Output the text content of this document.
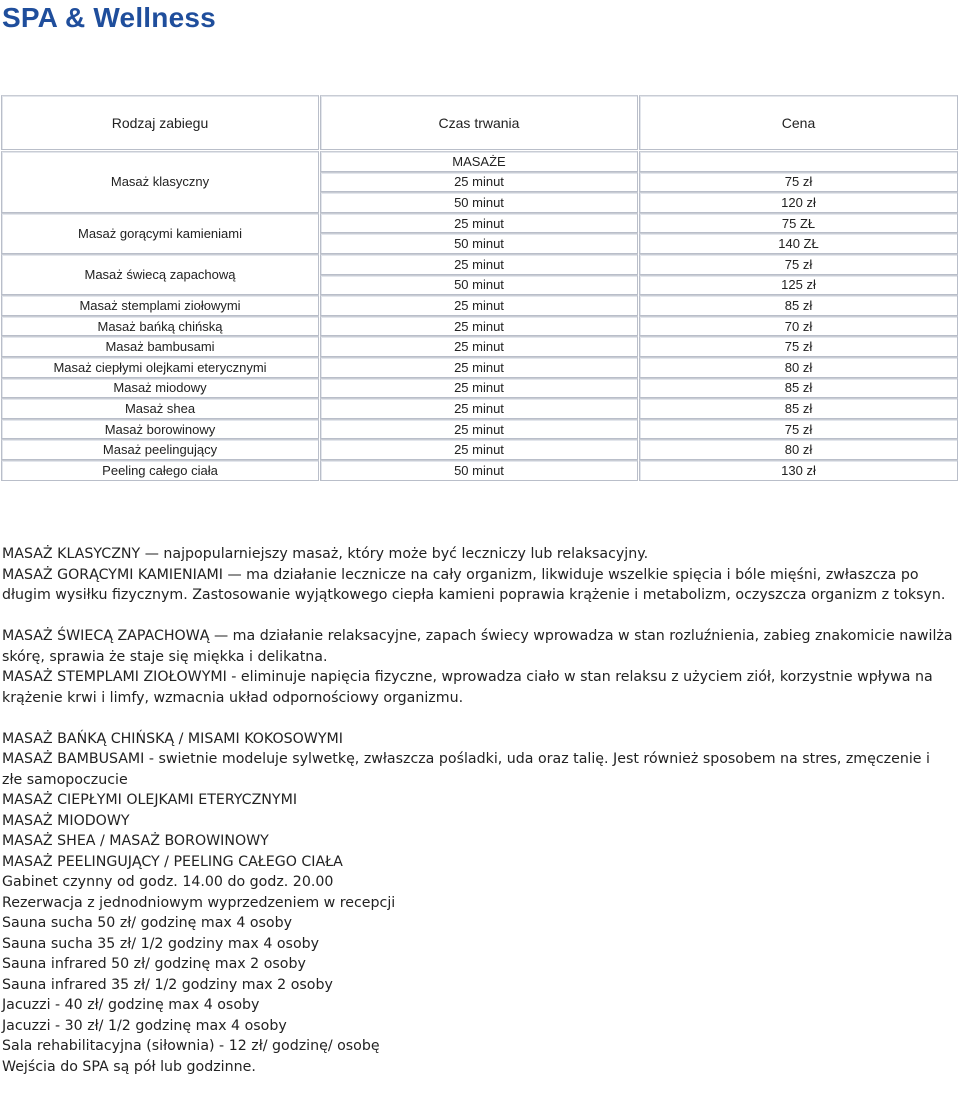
SPA & Wellness
Rodzaj zabiegu	Czas trwania	Cena
MASAŻE
Masaż klasyczny	25 minut	75 zł
50 minut	120 zł
Masaż gorącymi kamieniami
25 minut	75 ZŁ
50 minut	140 ZŁ
Masaż świecą zapachową
25 minut	75 zł
50 minut	125 zł
Masaż stemplami ziołowymi	25 minut	85 zł
Masaż bańką chińską	25 minut	70 zł
Masaż bambusami	25 minut	75 zł
Masaż ciepłymi olejkami eterycznymi	25 minut	80 zł
Masaż miodowy	25 minut	85 zł
Masaż shea	25 minut	85 zł
Masaż borowinowy	25 minut	75 zł
Masaż peelingujący	25 minut	80 zł
Peeling całego ciała	50 minut	130 zł

MASAŻ KLASYCZNY — najpopularniejszy masaż, który może być leczniczy lub relaksacyjny.

MASAŻ GORĄCYMI KAMIENIAMI — ma działanie lecznicze na cały organizm, likwiduje wszelkie spięcia i bóle mięśni, zwłaszcza po długim wysiłku fizycznym. Zastosowanie wyjątkowego ciepła kamieni poprawia krążenie i metabolizm, oczyszcza organizm z toksyn.

MASAŻ ŚWIECĄ ZAPACHOWĄ — ma działanie relaksacyjne, zapach świecy wprowadza w stan rozluźnienia, zabieg znakomicie nawilża skórę, sprawia że staje się miękka i delikatna.

MASAŻ STEMPLAMI ZIOŁOWYMI - eliminuje napięcia fizyczne, wprowadza ciało w stan relaksu z użyciem ziół, korzystnie wpływa na krążenie krwi i limfy, wzmacnia układ odpornościowy organizmu.

MASAŻ BAŃKĄ CHIŃSKĄ / MISAMI KOKOSOWYMI

MASAŻ BAMBUSAMI - swietnie modeluje sylwetkę, zwłaszcza pośladki, uda oraz talię. Jest również sposobem na stres, zmęczenie i złe samopoczucie

MASAŻ CIEPŁYMI OLEJKAMI ETERYCZNYMI

MASAŻ MIODOWY

MASAŻ SHEA / MASAŻ BOROWINOWY

MASAŻ PEELINGUJĄCY / PEELING CAŁEGO CIAŁA

Gabinet czynny od godz. 14.00 do godz. 20.00

Rezerwacja z jednodniowym wyprzedzeniem w recepcji

Sauna sucha 50 zł/ godzinę max 4 osoby

Sauna sucha 35 zł/ 1/2 godziny max 4 osoby

Sauna infrared 50 zł/ godzinę max 2 osoby

Sauna infrared 35 zł/ 1/2 godziny max 2 osoby

Jacuzzi - 40 zł/ godzinę max 4 osoby

Jacuzzi - 30 zł/ 1/2 godzinę max 4 osoby

Sala rehabilitacyjna (siłownia) - 12 zł/ godzinę/ osobę

Wejścia do SPA są pół lub godzinne.
